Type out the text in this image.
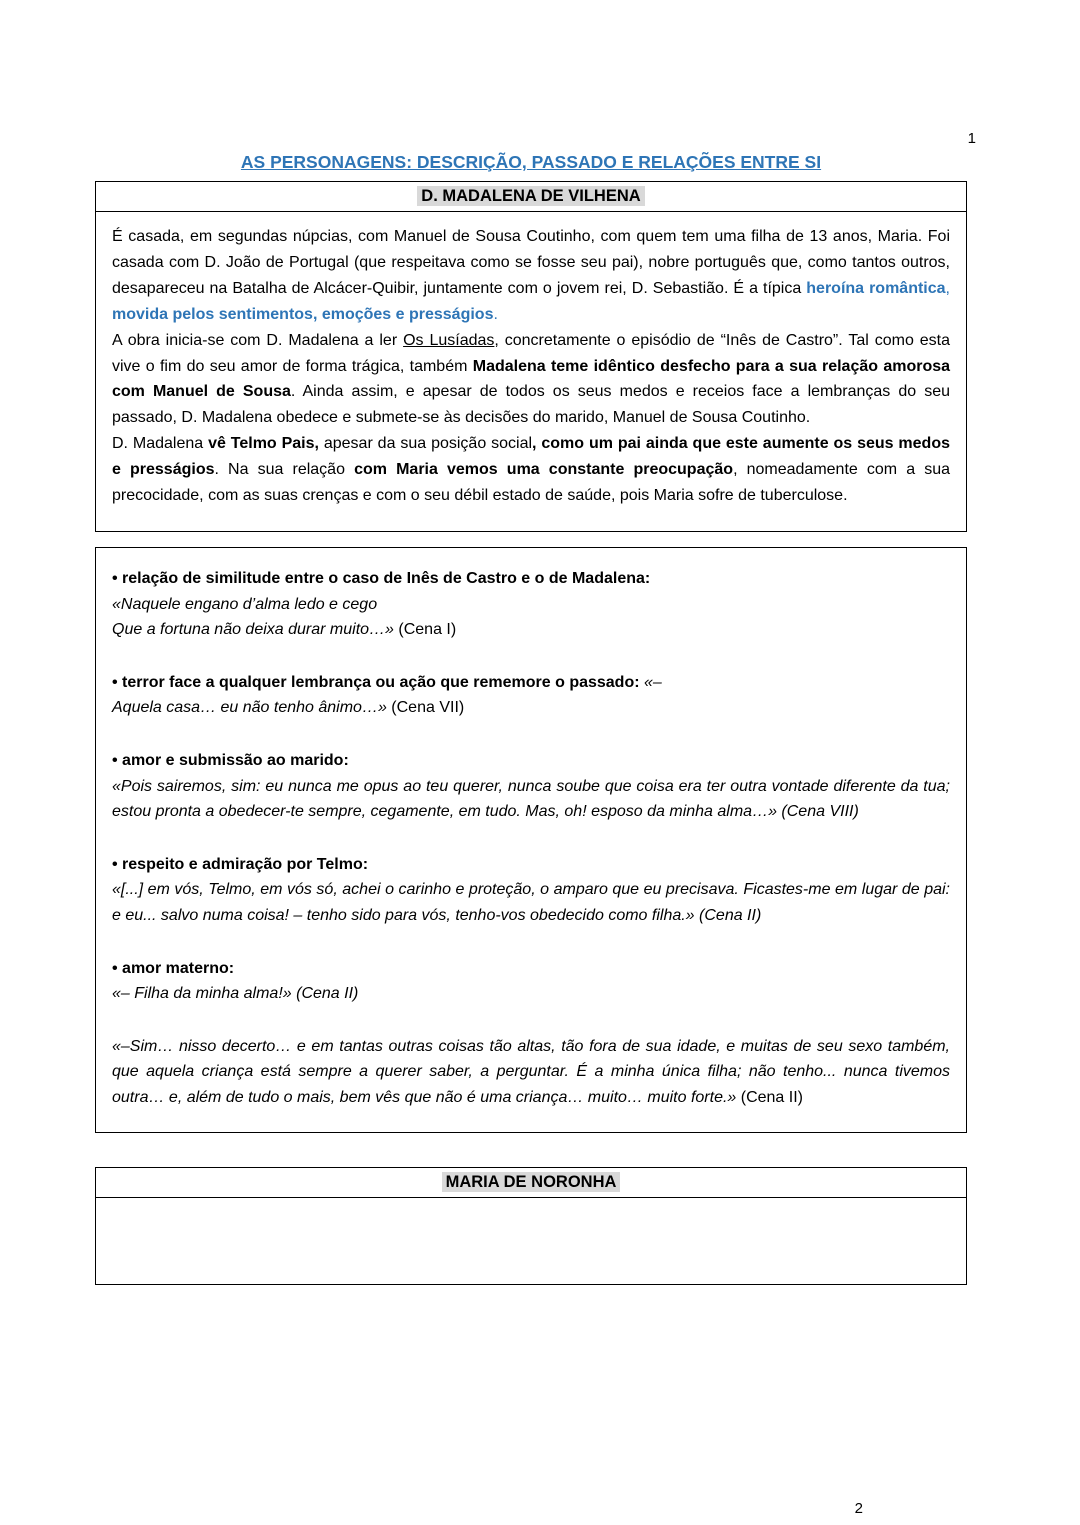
1
AS PERSONAGENS: DESCRIÇÃO, PASSADO E RELAÇÕES ENTRE SI
D. MADALENA DE VILHENA

É casada, em segundas núpcias, com Manuel de Sousa Coutinho, com quem tem uma filha de 13 anos, Maria. Foi casada com D. João de Portugal (que respeitava como se fosse seu pai), nobre português que, como tantos outros, desapareceu na Batalha de Alcácer-Quibir, juntamente com o jovem rei, D. Sebastião. É a típica heroína romântica, movida pelos sentimentos, emoções e presságios.

A obra inicia-se com D. Madalena a ler Os Lusíadas, concretamente o episódio de “Inês de Castro”. Tal como esta vive o fim do seu amor de forma trágica, também Madalena teme idêntico desfecho para a sua relação amorosa com Manuel de Sousa. Ainda assim, e apesar de todos os seus medos e receios face a lembranças do seu passado, D. Madalena obedece e submete-se às decisões do marido, Manuel de Sousa Coutinho.

D. Madalena vê Telmo Pais, apesar da sua posição social, como um pai ainda que este aumente os seus medos e presságios. Na sua relação com Maria vemos uma constante preocupação, nomeadamente com a sua precocidade, com as suas crenças e com o seu débil estado de saúde, pois Maria sofre de tuberculose.

• relação de similitude entre o caso de Inês de Castro e o de Madalena:
«Naquele engano d’alma ledo e cego
Que a fortuna não deixa durar muito…» (Cena I)
• terror face a qualquer lembrança ou ação que rememore o passado: «–
Aquela casa… eu não tenho ânimo…» (Cena VII)
• amor e submissão ao marido:
«Pois sairemos, sim: eu nunca me opus ao teu querer, nunca soube que coisa era ter outra vontade diferente da tua; estou pronta a obedecer-te sempre, cegamente, em tudo. Mas, oh! esposo da minha alma…» (Cena VIII)
• respeito e admiração por Telmo:
«[...] em vós, Telmo, em vós só, achei o carinho e proteção, o amparo que eu precisava. Ficastes-me em lugar de pai: e eu... salvo numa coisa! – tenho sido para vós, tenho-vos obedecido como filha.» (Cena II)
• amor materno:
«– Filha da minha alma!» (Cena II)
«–Sim… nisso decerto… e em tantas outras coisas tão altas, tão fora de sua idade, e muitas de seu sexo também, que aquela criança está sempre a querer saber, a perguntar. É a minha única filha; não tenho... nunca tivemos outra… e, além de tudo o mais, bem vês que não é uma criança… muito… muito forte.» (Cena II)
2
MARIA DE NORONHA
